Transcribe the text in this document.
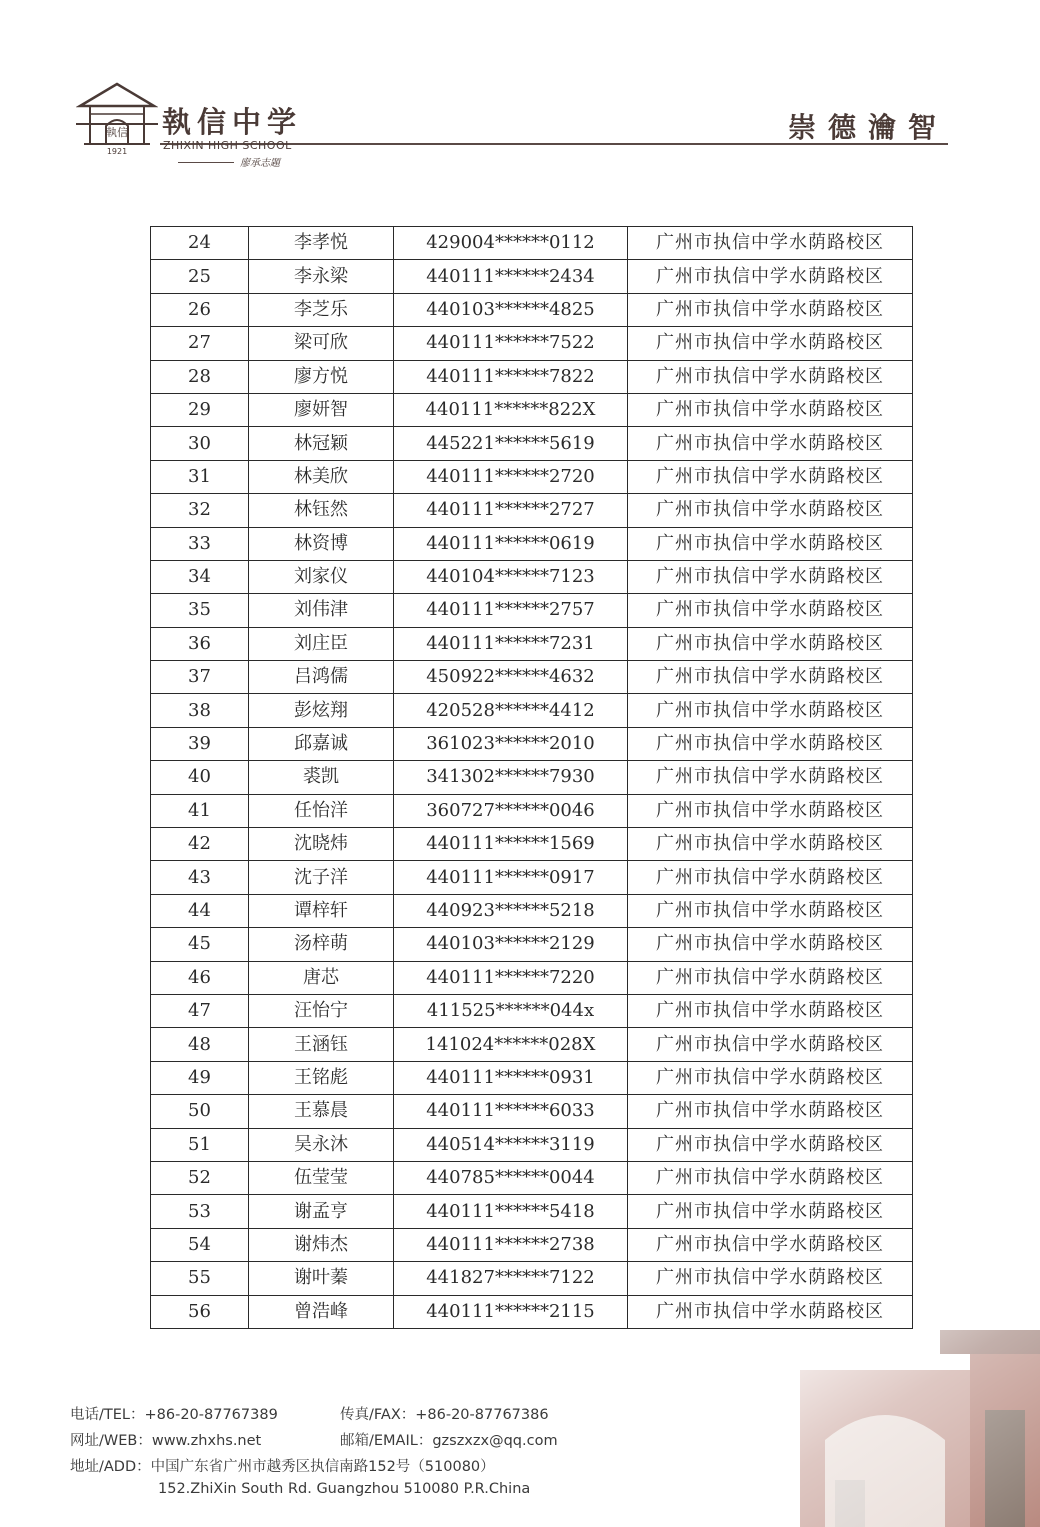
執信
1921
執信中学
ZHIXIN HIGH SCHOOL
廖承志題
崇德瀹智
24	李孝悦	429004******0112	广州市执信中学水荫路校区
25	李永梁	440111******2434	广州市执信中学水荫路校区
26	李芝乐	440103******4825	广州市执信中学水荫路校区
27	梁可欣	440111******7522	广州市执信中学水荫路校区
28	廖方悦	440111******7822	广州市执信中学水荫路校区
29	廖妍智	440111******822X	广州市执信中学水荫路校区
30	林冠颖	445221******5619	广州市执信中学水荫路校区
31	林美欣	440111******2720	广州市执信中学水荫路校区
32	林钰然	440111******2727	广州市执信中学水荫路校区
33	林资博	440111******0619	广州市执信中学水荫路校区
34	刘家仪	440104******7123	广州市执信中学水荫路校区
35	刘伟津	440111******2757	广州市执信中学水荫路校区
36	刘庄臣	440111******7231	广州市执信中学水荫路校区
37	吕鸿儒	450922******4632	广州市执信中学水荫路校区
38	彭炫翔	420528******4412	广州市执信中学水荫路校区
39	邱嘉诚	361023******2010	广州市执信中学水荫路校区
40	裘凯	341302******7930	广州市执信中学水荫路校区
41	任怡洋	360727******0046	广州市执信中学水荫路校区
42	沈晓炜	440111******1569	广州市执信中学水荫路校区
43	沈子洋	440111******0917	广州市执信中学水荫路校区
44	谭梓轩	440923******5218	广州市执信中学水荫路校区
45	汤梓萌	440103******2129	广州市执信中学水荫路校区
46	唐芯	440111******7220	广州市执信中学水荫路校区
47	汪怡宁	411525******044x	广州市执信中学水荫路校区
48	王涵钰	141024******028X	广州市执信中学水荫路校区
49	王铭彪	440111******0931	广州市执信中学水荫路校区
50	王慕晨	440111******6033	广州市执信中学水荫路校区
51	吴永沐	440514******3119	广州市执信中学水荫路校区
52	伍莹莹	440785******0044	广州市执信中学水荫路校区
53	谢孟亨	440111******5418	广州市执信中学水荫路校区
54	谢炜杰	440111******2738	广州市执信中学水荫路校区
55	谢叶蓁	441827******7122	广州市执信中学水荫路校区
56	曾浩峰	440111******2115	广州市执信中学水荫路校区
电话/TEL：+86-20-87767389	传真/FAX：+86-20-87767386
网址/WEB：www.zhxhs.net	邮箱/EMAIL：gzszxzx@qq.com
地址/ADD：中国广东省广州市越秀区执信南路152号（510080）
152.ZhiXin South Rd. Guangzhou 510080 P.R.China
